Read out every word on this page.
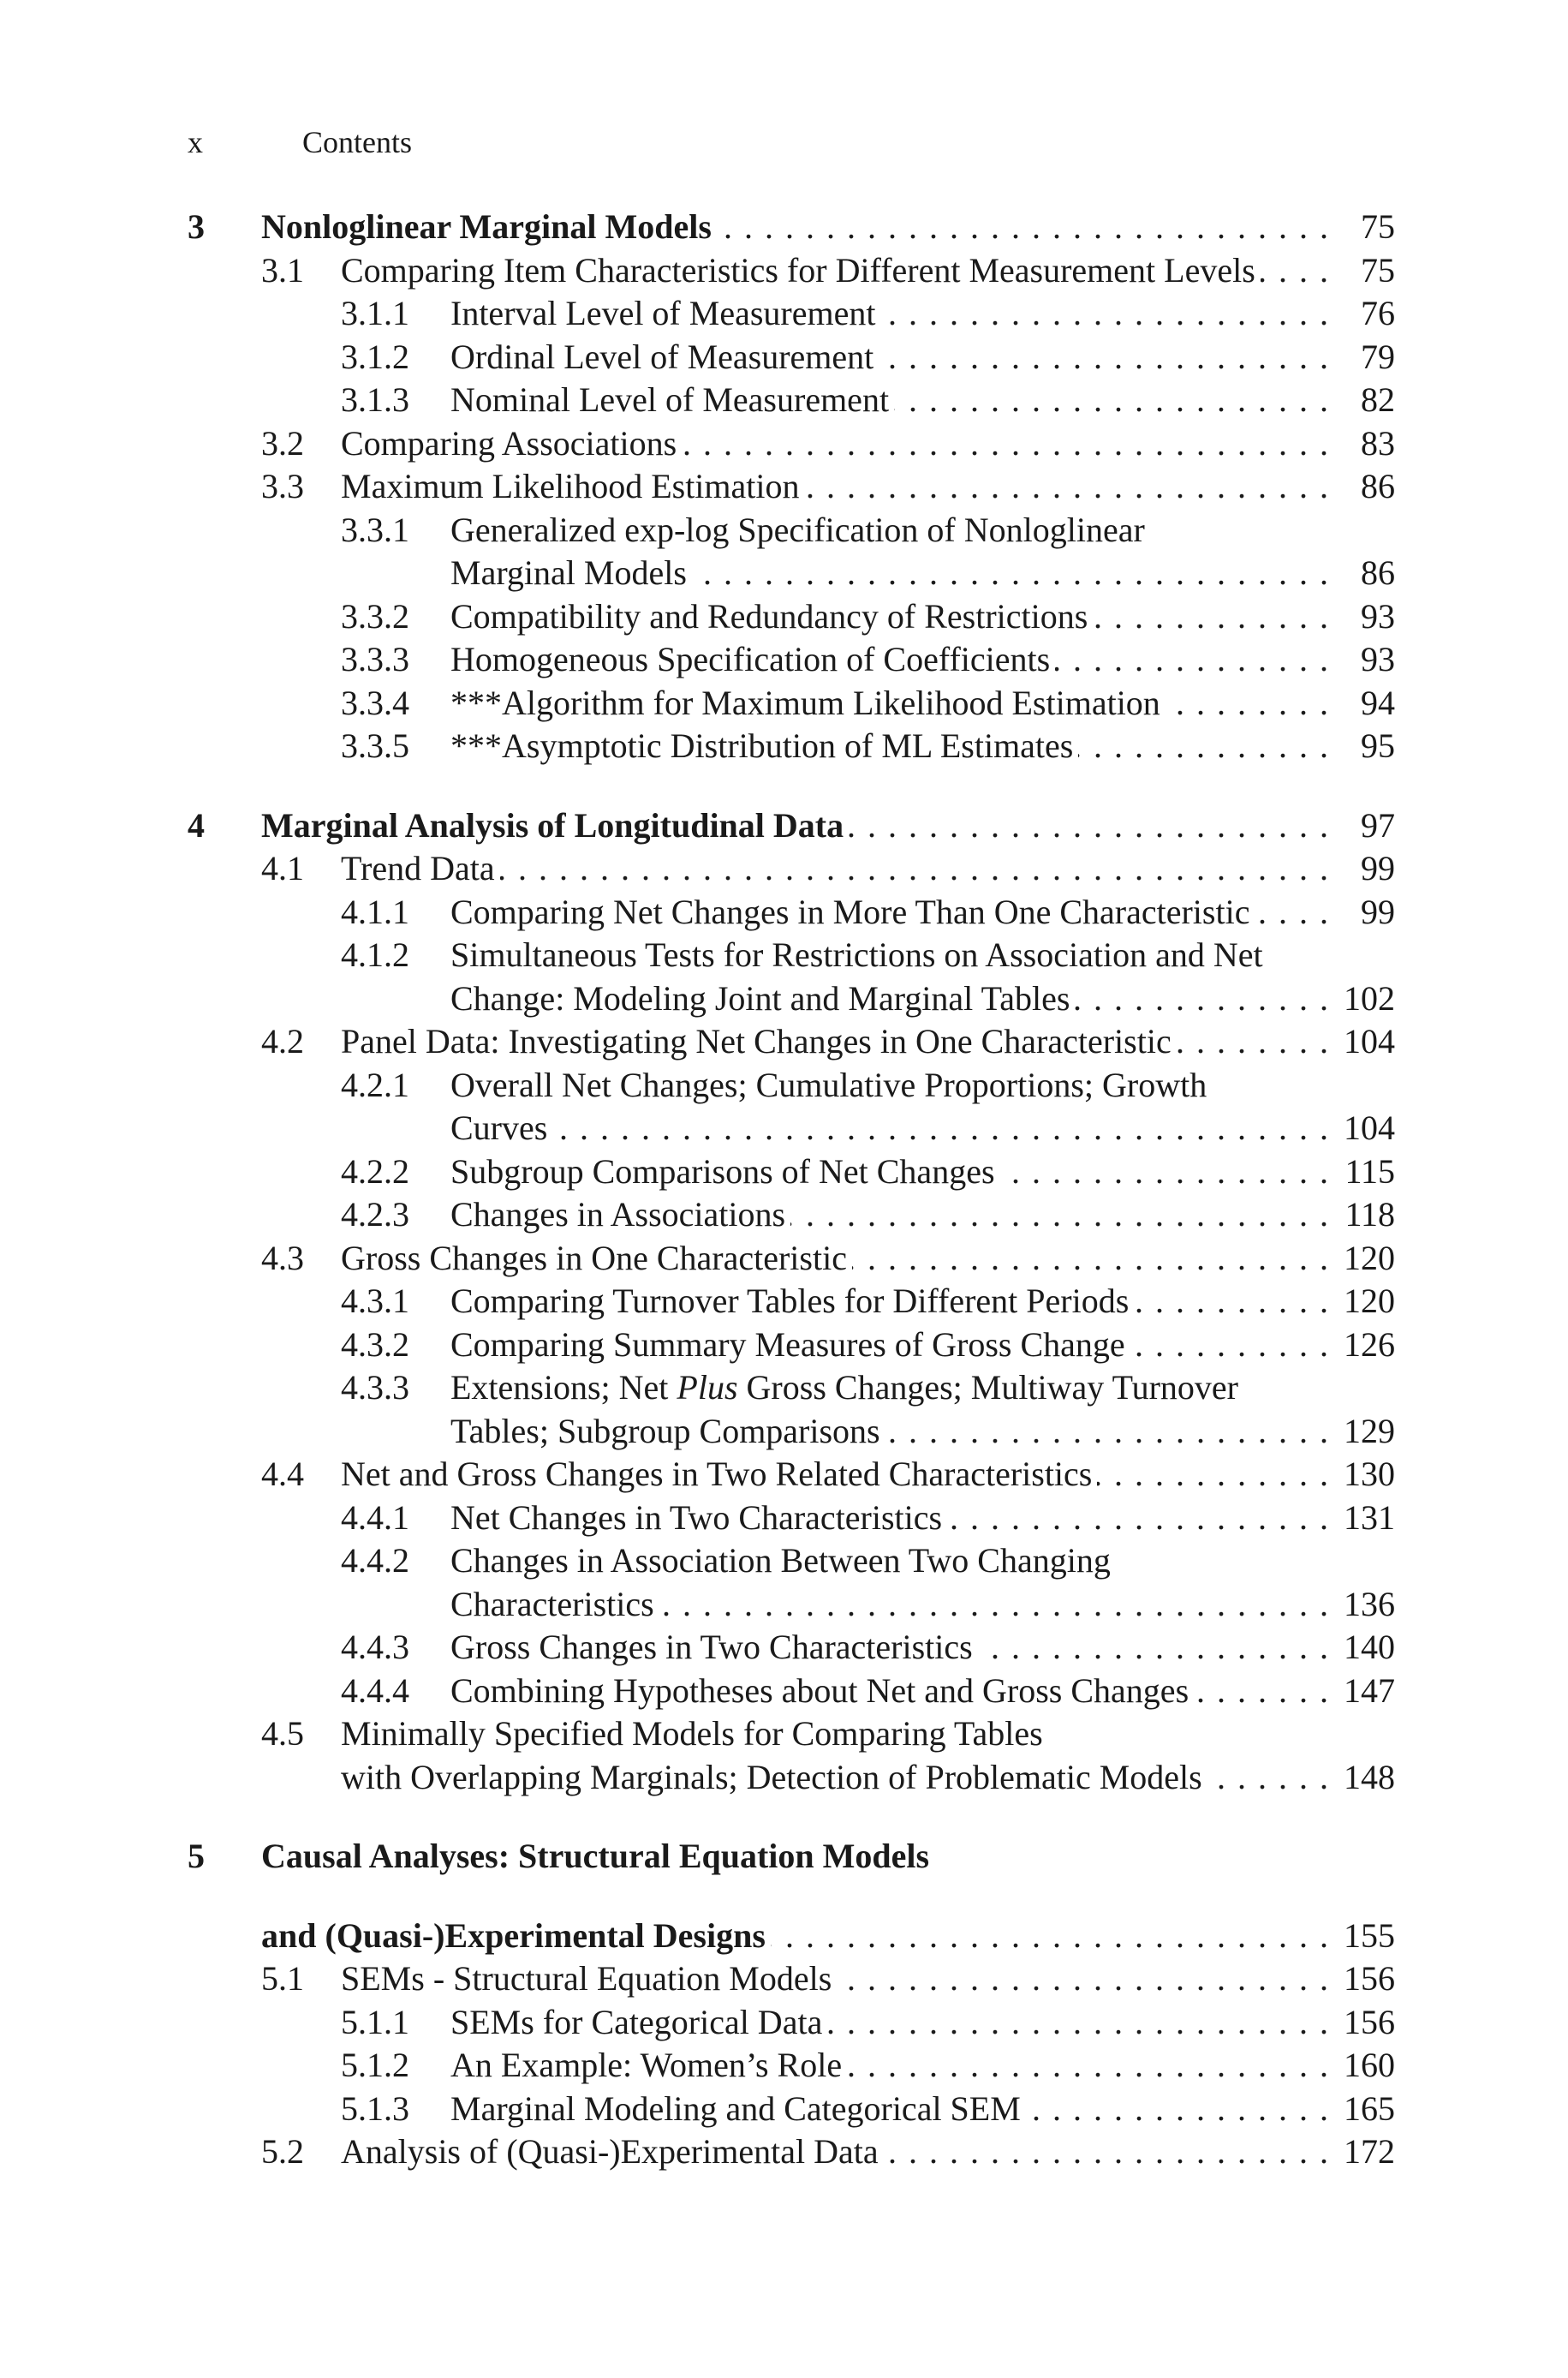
x	Contents
3	Nonloglinear Marginal Models . . .	75
3.1	Comparing Item Characteristics for Different Measurement Levels . . .	75
3.1.1	Interval Level of Measurement . . .	76
3.1.2	Ordinal Level of Measurement . . .	79
3.1.3	Nominal Level of Measurement . . .	82
3.2	Comparing Associations . . .	83
3.3	Maximum Likelihood Estimation . . .	86
3.3.1	Generalized exp-log Specification of Nonloglinear
Marginal Models . . .	86
3.3.2	Compatibility and Redundancy of Restrictions . . .	93
3.3.3	Homogeneous Specification of Coefficients . . .	93
3.3.4	***Algorithm for Maximum Likelihood Estimation . . .	94
3.3.5	***Asymptotic Distribution of ML Estimates . . .	95
4	Marginal Analysis of Longitudinal Data . . .	97
4.1	Trend Data . . .	99
4.1.1	Comparing Net Changes in More Than One Characteristic . . .	99
4.1.2	Simultaneous Tests for Restrictions on Association and Net
Change: Modeling Joint and Marginal Tables . . .	102
4.2	Panel Data: Investigating Net Changes in One Characteristic . . .	104
4.2.1	Overall Net Changes; Cumulative Proportions; Growth
Curves . . .	104
4.2.2	Subgroup Comparisons of Net Changes . . .	115
4.2.3	Changes in Associations . . .	118
4.3	Gross Changes in One Characteristic . . .	120
4.3.1	Comparing Turnover Tables for Different Periods . . .	120
4.3.2	Comparing Summary Measures of Gross Change . . .	126
4.3.3	Extensions; Net Plus Gross Changes; Multiway Turnover
Tables; Subgroup Comparisons . . .	129
4.4	Net and Gross Changes in Two Related Characteristics . . .	130
4.4.1	Net Changes in Two Characteristics . . .	131
4.4.2	Changes in Association Between Two Changing
Characteristics . . .	136
4.4.3	Gross Changes in Two Characteristics . . .	140
4.4.4	Combining Hypotheses about Net and Gross Changes . . .	147
4.5	Minimally Specified Models for Comparing Tables
with Overlapping Marginals; Detection of Problematic Models . . .	148
5	Causal Analyses: Structural Equation Models
and (Quasi-)Experimental Designs . . .	155
5.1	SEMs - Structural Equation Models . . .	156
5.1.1	SEMs for Categorical Data . . .	156
5.1.2	An Example: Women’s Role . . .	160
5.1.3	Marginal Modeling and Categorical SEM . . .	165
5.2	Analysis of (Quasi-)Experimental Data . . .	172
